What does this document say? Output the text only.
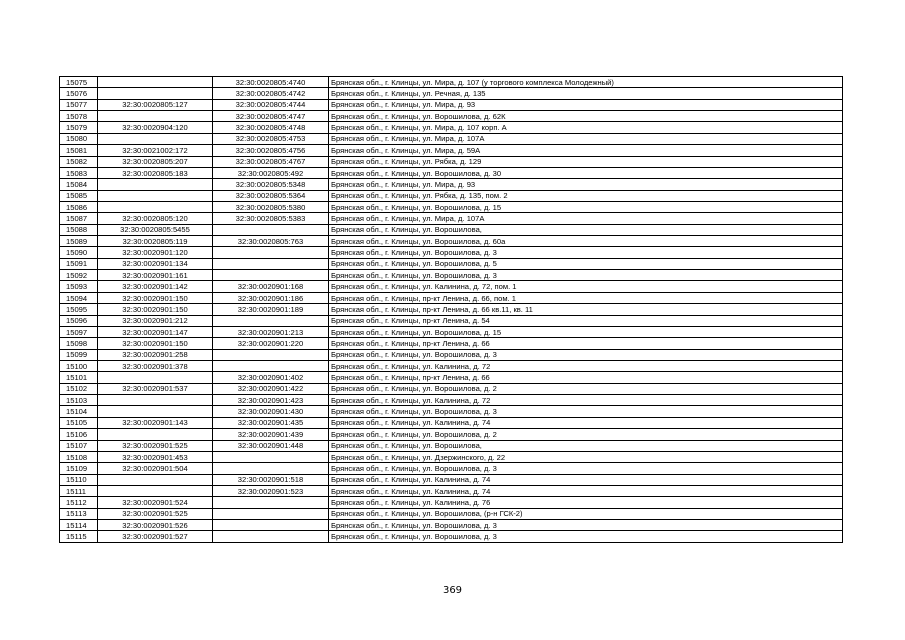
15075		32:30:0020805:4740	Брянская обл., г. Клинцы, ул. Мира, д. 107 (у торгового комплекса Молодежный)
15076		32:30:0020805:4742	Брянская обл., г. Клинцы, ул. Речная, д. 135
15077	32:30:0020805:127	32:30:0020805:4744	Брянская обл., г. Клинцы, ул. Мира, д. 93
15078		32:30:0020805:4747	Брянская обл., г. Клинцы, ул. Ворошилова, д. 62К
15079	32:30:0020904:120	32:30:0020805:4748	Брянская обл., г. Клинцы, ул. Мира, д. 107 корп. А
15080		32:30:0020805:4753	Брянская обл., г. Клинцы, ул. Мира, д. 107А
15081	32:30:0021002:172	32:30:0020805:4756	Брянская обл., г. Клинцы, ул. Мира, д. 59А
15082	32:30:0020805:207	32:30:0020805:4767	Брянская обл., г. Клинцы, ул. Рябка, д. 129
15083	32:30:0020805:183	32:30:0020805:492	Брянская обл., г. Клинцы, ул. Ворошилова, д. 30
15084		32:30:0020805:5348	Брянская обл., г. Клинцы, ул. Мира, д. 93
15085		32:30:0020805:5364	Брянская обл., г. Клинцы, ул. Рябка, д. 135, пом. 2
15086		32:30:0020805:5380	Брянская обл., г. Клинцы, ул. Ворошилова, д. 15
15087	32:30:0020805:120	32:30:0020805:5383	Брянская обл., г. Клинцы, ул. Мира, д. 107А
15088	32:30:0020805:5455		Брянская обл., г. Клинцы, ул. Ворошилова,
15089	32:30:0020805:119	32:30:0020805:763	Брянская обл., г. Клинцы, ул. Ворошилова, д. 60а
15090	32:30:0020901:120		Брянская обл., г. Клинцы, ул. Ворошилова, д. 3
15091	32:30:0020901:134		Брянская обл., г. Клинцы, ул. Ворошилова, д. 5
15092	32:30:0020901:161		Брянская обл., г. Клинцы, ул. Ворошилова, д. 3
15093	32:30:0020901:142	32:30:0020901:168	Брянская обл., г. Клинцы, ул. Калинина, д. 72, пом. 1
15094	32:30:0020901:150	32:30:0020901:186	Брянская обл., г. Клинцы, пр-кт Ленина, д. 66, пом. 1
15095	32:30:0020901:150	32:30:0020901:189	Брянская обл., г. Клинцы, пр-кт Ленина, д. 66 кв.11, кв. 11
15096	32:30:0020901:212		Брянская обл., г. Клинцы, пр-кт Ленина, д. 54
15097	32:30:0020901:147	32:30:0020901:213	Брянская обл., г. Клинцы, ул. Ворошилова, д. 15
15098	32:30:0020901:150	32:30:0020901:220	Брянская обл., г. Клинцы, пр-кт Ленина, д. 66
15099	32:30:0020901:258		Брянская обл., г. Клинцы, ул. Ворошилова, д. 3
15100	32:30:0020901:378		Брянская обл., г. Клинцы, ул. Калинина, д. 72
15101		32:30:0020901:402	Брянская обл., г. Клинцы, пр-кт Ленина, д. 66
15102	32:30:0020901:537	32:30:0020901:422	Брянская обл., г. Клинцы, ул. Ворошилова, д. 2
15103		32:30:0020901:423	Брянская обл., г. Клинцы, ул. Калинина, д. 72
15104		32:30:0020901:430	Брянская обл., г. Клинцы, ул. Ворошилова, д. 3
15105	32:30:0020901:143	32:30:0020901:435	Брянская обл., г. Клинцы, ул. Калинина, д. 74
15106		32:30:0020901:439	Брянская обл., г. Клинцы, ул. Ворошилова, д. 2
15107	32:30:0020901:525	32:30:0020901:448	Брянская обл., г. Клинцы, ул. Ворошилова,
15108	32:30:0020901:453		Брянская обл., г. Клинцы, ул. Дзержинского, д. 22
15109	32:30:0020901:504		Брянская обл., г. Клинцы, ул. Ворошилова, д. 3
15110		32:30:0020901:518	Брянская обл., г. Клинцы, ул. Калинина, д. 74
15111		32:30:0020901:523	Брянская обл., г. Клинцы, ул. Калинина, д. 74
15112	32:30:0020901:524		Брянская обл., г. Клинцы, ул. Калинина, д. 76
15113	32:30:0020901:525		Брянская обл., г. Клинцы, ул. Ворошилова, (р-н ГСК-2)
15114	32:30:0020901:526		Брянская обл., г. Клинцы, ул. Ворошилова, д. 3
15115	32:30:0020901:527		Брянская обл., г. Клинцы, ул. Ворошилова, д. 3
369
